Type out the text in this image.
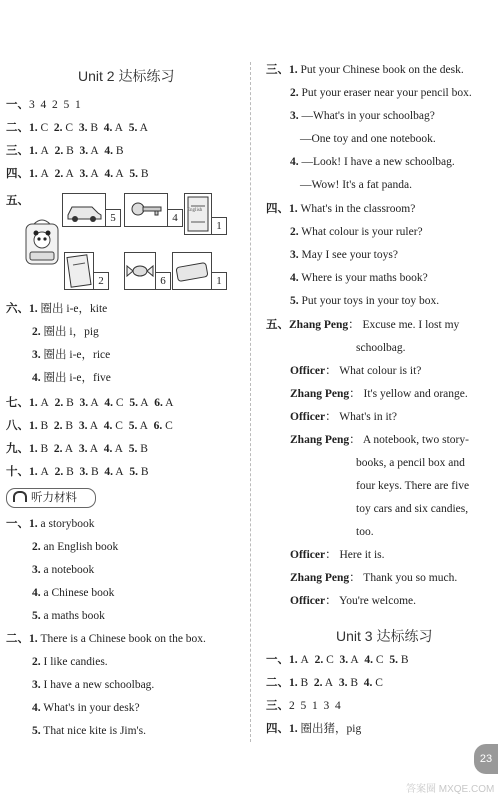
Unit 2 达标练习
一、3  4  2  5  1
二、1. C 2. C 3. B 4. A 5. A
三、1. A 2. B 3. A 4. B
四、1. A 2. A 3. A 4. A 5. B
五、
5	4
English
1
2	6	1
六、1. 圈出 i-e，kite
2. 圈出 i，pig
3. 圈出 i-e，rice
4. 圈出 i-e，five
七、1. A 2. B 3. A 4. C 5. A 6. A
八、1. B 2. B 3. A 4. C 5. A 6. C
九、1. B 2. A 3. A 4. A 5. B
十、1. A 2. B 3. B 4. A 5. B
听力材料
一、1. a storybook
2. an English book
3. a notebook
4. a Chinese book
5. a maths book
二、1. There is a Chinese book on the box.
2. I like candies.
3. I have a new schoolbag.
4. What's in your desk?
5. That nice kite is Jim's.
三、1. Put your Chinese book on the desk.
2. Put your eraser near your pencil box.
3. —What's in your schoolbag?
—One toy and one notebook.
4. —Look! I have a new schoolbag.
—Wow! It's a fat panda.
四、1. What's in the classroom?
2. What colour is your ruler?
3. May I see your toys?
4. Where is your maths book?
5. Put your toys in your toy box.
五、Zhang Peng： Excuse me. I lost my
schoolbag.
Officer： What colour is it?
Zhang Peng： It's yellow and orange.
Officer： What's in it?
Zhang Peng： A notebook, two story-
books, a pencil box and
four keys. There are five
toy cars and six candies,
too.
Officer： Here it is.
Zhang Peng： Thank you so much.
Officer： You're welcome.
Unit 3 达标练习
一、1. A 2. C 3. A 4. C 5. B
二、1. B 2. A 3. B 4. C
三、2  5  1  3  4
四、1. 圈出猪，pig
23
答案圈 MXQE.COM
